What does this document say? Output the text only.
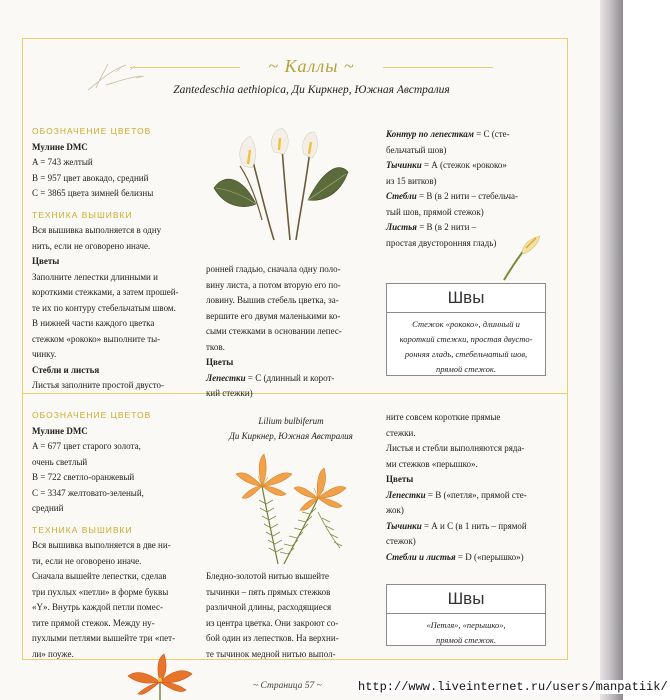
~ Каллы ~
Zantedeschia aethiopica, Ди Киркнер, Южная Австралия

ОБОЗНАЧЕНИЕ ЦВЕТОВ

Мулине DMC

A = 743 желтый

B = 957 цвет авокадо, средний

C = 3865 цвета зимней белизны

ТЕХНИКА ВЫШИВКИ

Вся вышивка выполняется в одну

нить, если не оговорено иначе.

Цветы

Заполните лепестки длинными и

короткими стежками, а затем прошей-

те их по контуру стебельчатым швом.

В нижней части каждого цветка

стежком «рококо» выполните ты-

чинку.

Стебли и листья

Листья заполните простой двусто-

ронней гладью, сначала одну поло-

вину листа, а потом вторую его по-

ловину. Вышив стебель цветка, за-

вершите его двумя маленькими ко-

сыми стежками в основании лепес-

тков.

Цветы

Лепестки = С (длинный и корот-

кий стежки)

Контур по лепесткам = С (сте-

бельчатый шов)

Тычинки = А (стежок «рококо»

из 15 витков)

Стебли = В (в 2 нити – стебельча-

тый шов, прямой стежок)

Листья = В (в 2 нити –

простая двусторонняя гладь)

Швы
Стежок «рококо», длинный и
короткий стежки, простая двусто-
ронняя гладь, стебельчатый шов,
прямой стежок.

ОБОЗНАЧЕНИЕ ЦВЕТОВ

Мулине DMC

A = 677 цвет старого золота,

очень светлый

B = 722 светло-оранжевый

C = 3347 желтовато-зеленый,

средний

ТЕХНИКА ВЫШИВКИ

Вся вышивка выполняется в две ни-

ти, если не оговорено иначе.

Сначала вышейте лепестки, сделав

три пухлых «петли» в форме буквы

«Y». Внутрь каждой петли помес-

тите прямой стежок. Между ну-

пухлыми петлями вышейте три «пет-

ли» поуже.

Lilium bulbiferum
Ди Киркнер, Южная Австралия

Бледно-золотой нитью вышейте

тычинки – пять прямых стежков

различной длины, расходящиеся

из центра цветка. Они закроют со-

бой один из лепестков. На верхни-

те тычинок медной нитью выпол-

ните совсем короткие прямые

стежки.

Листья и стебли выполняются ряда-

ми стежков «перышко».

Цветы

Лепестки = В («петля», прямой сте-

жок)

Тычинки = А и С (в 1 нить – прямой

стежок)

Стебли и листья = D («перышко»)

Швы
«Петля», «перышко»,
прямой стежок.
~ Страница 57 ~	http://www.liveinternet.ru/users/manpatiik/
